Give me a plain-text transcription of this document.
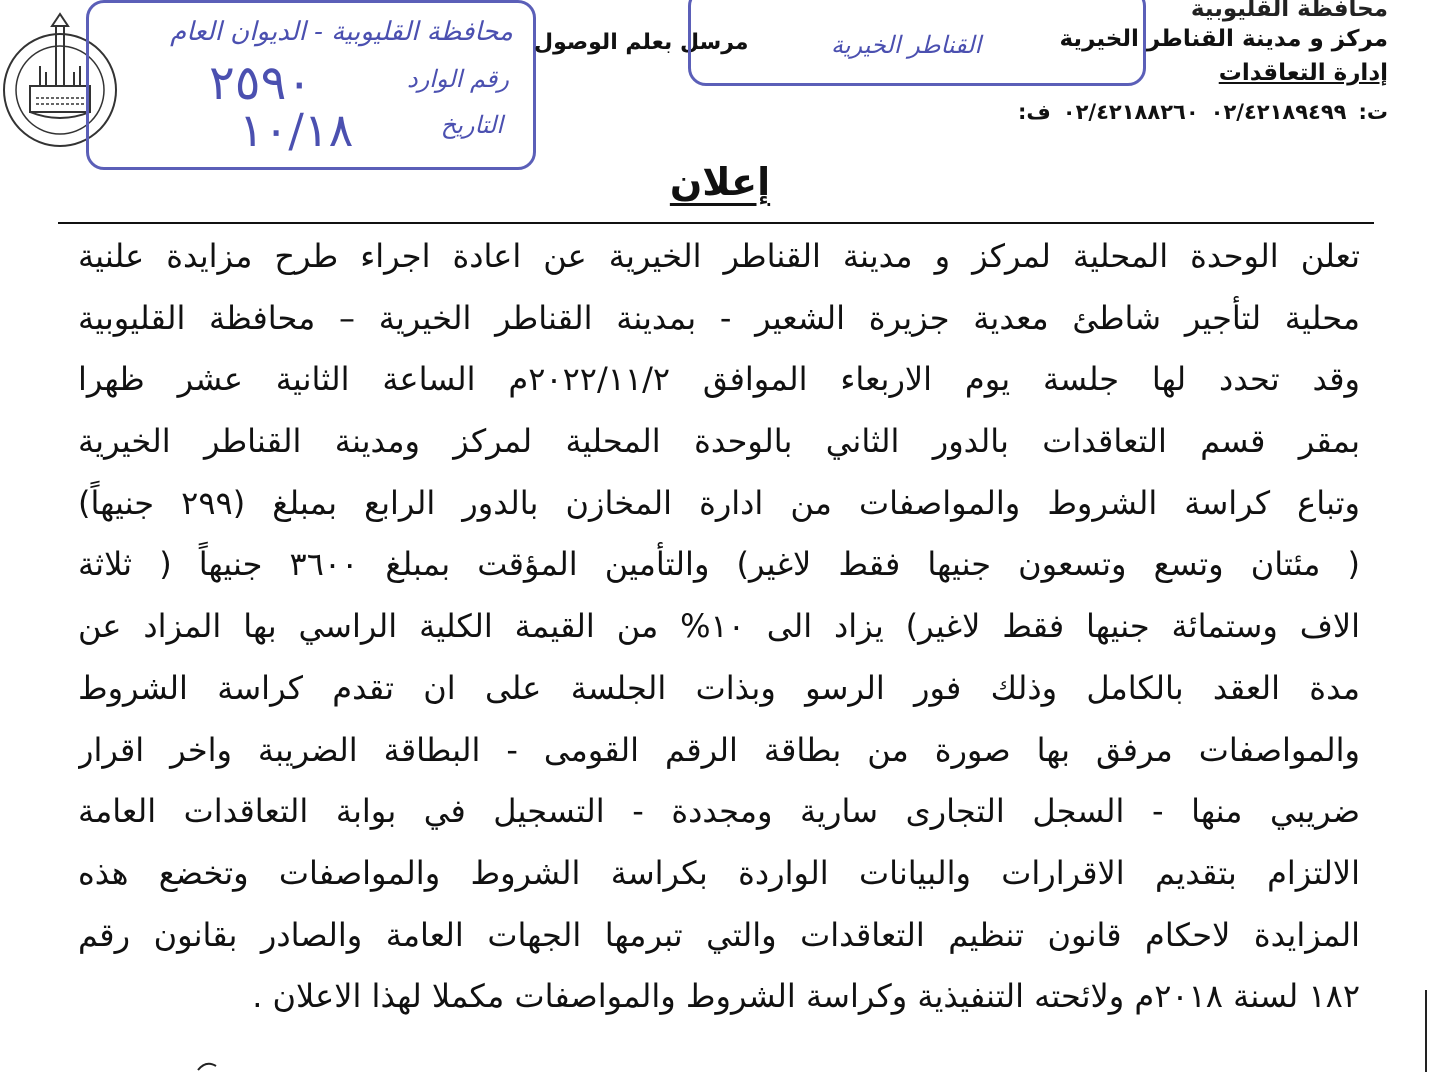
محافظة القليوبية - الديوان العام
رقم الوارد
٢٥٩٠
التاريخ
١٠/١٨
مرسل بعلم الوصول	القناطر الخيرية
محافظة القليوبية
مركز و مدينة القناطر الخيرية
إدارة التعاقدات
ت:٠٢/٤٢١٨٨٢٦٠ ٠٢/٤٢١٨٩٤٩٩ف:
إعلان
تعلن الوحدة المحلية لمركز و مدينة القناطر الخيرية عن اعادة اجراء طرح مزايدة علنية
محلية لتأجير شاطئ معدية جزيرة الشعير - بمدينة القناطر الخيرية – محافظة القليوبية
وقد تحدد لها جلسة يوم الاربعاء الموافق ٢٠٢٢/١١/٢م الساعة الثانية عشر ظهرا
بمقر قسم التعاقدات بالدور الثاني بالوحدة المحلية لمركز ومدينة القناطر الخيرية
وتباع كراسة الشروط والمواصفات من ادارة المخازن بالدور الرابع بمبلغ (٢٩٩ جنيهاً)
( مئتان وتسع وتسعون جنيها فقط لاغير) والتأمين المؤقت بمبلغ ٣٦٠٠ جنيهاً ( ثلاثة
الاف وستمائة جنيها فقط لاغير) يزاد الى ١٠% من القيمة الكلية الراسي بها المزاد عن
مدة العقد بالكامل وذلك فور الرسو وبذات الجلسة على ان تقدم كراسة الشروط
والمواصفات مرفق بها صورة من بطاقة الرقم القومى - البطاقة الضريبة واخر اقرار
ضريبي منها - السجل التجارى سارية ومجددة - التسجيل في بوابة التعاقدات العامة
الالتزام بتقديم الاقرارات والبيانات الواردة بكراسة الشروط والمواصفات وتخضع هذه
المزايدة لاحكام قانون تنظيم التعاقدات والتي تبرمها الجهات العامة والصادر بقانون رقم
١٨٢ لسنة ٢٠١٨م ولائحته التنفيذية وكراسة الشروط والمواصفات مكملا لهذا الاعلان .
